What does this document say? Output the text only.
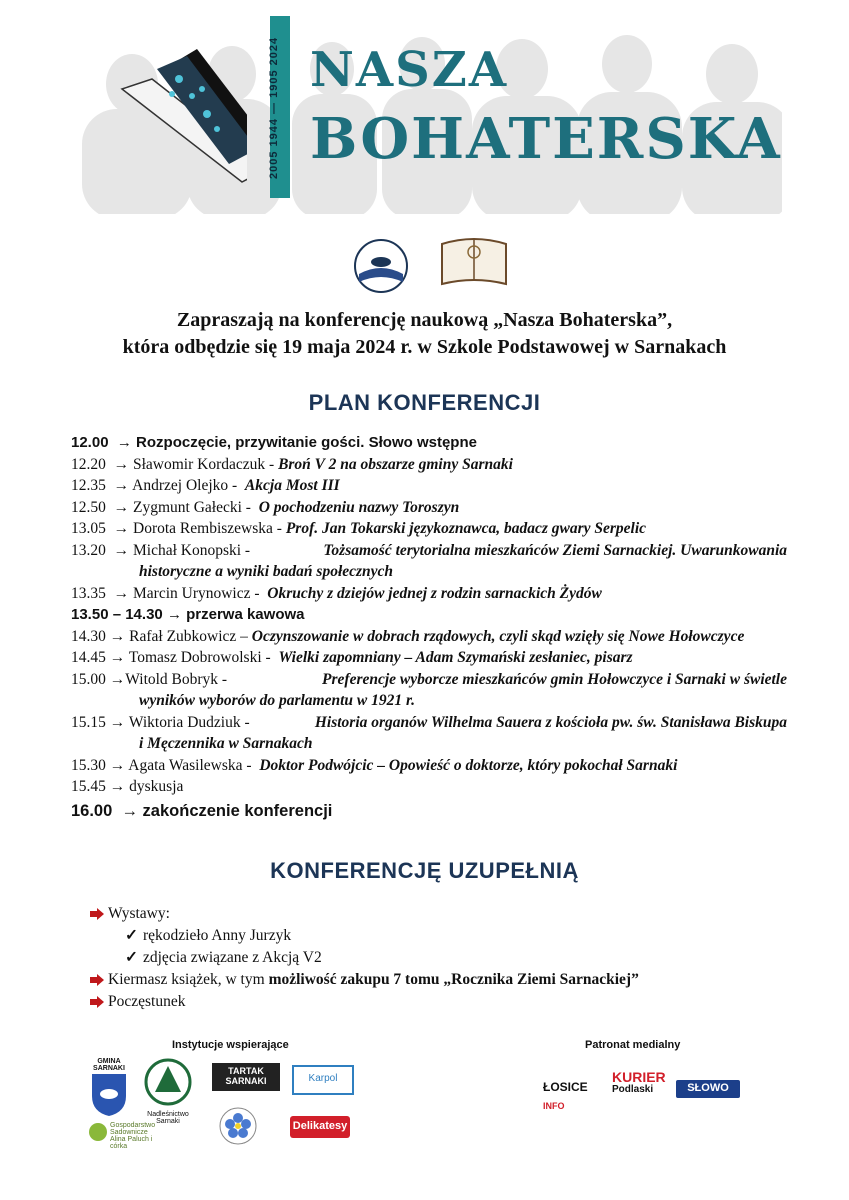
2005 1944 — 1905 2024 NASZA
BOHATERSKA
Zapraszają na konferencję naukową „Nasza Bohaterska”,
która odbędzie się 19 maja 2024 r. w Szkole Podstawowej w Sarnakach
PLAN KONFERENCJI
12.00 → Rozpoczęcie, przywitanie gości. Słowo wstępne
12.20 → Sławomir Kordaczuk - Broń V 2 na obszarze gminy Sarnaki
12.35 → Andrzej Olejko - Akcja Most III
12.50 → Zygmunt Gałecki - O pochodzeniu nazwy Toroszyn
13.05 → Dorota Rembiszewska - Prof. Jan Tokarski językoznawca, badacz gwary Serpelic
13.20 → Michał Konopski -	Tożsamość terytorialna mieszkańców Ziemi Sarnackiej. Uwarunkowania
historyczne a wyniki badań społecznych
13.35 → Marcin Urynowicz - Okruchy z dziejów jednej z rodzin sarnackich Żydów
13.50 – 14.30 → przerwa kawowa
14.30 → Rafał Zubkowicz – Oczynszowanie w dobrach rządowych, czyli skąd wzięły się Nowe Hołowczyce
14.45 → Tomasz Dobrowolski - Wielki zapomniany – Adam Szymański zesłaniec, pisarz
15.00 →Witold Bobryk -	Preferencje wyborcze mieszkańców gmin Hołowczyce i Sarnaki w świetle
wyników wyborów do parlamentu w 1921 r.
15.15 → Wiktoria Dudziuk -	Historia organów Wilhelma Sauera z kościoła pw. św. Stanisława Biskupa
i Męczennika w Sarnakach
15.30 → Agata Wasilewska - Doktor Podwójcic – Opowieść o doktorze, który pokochał Sarnaki
15.45 → dyskusja
16.00 → zakończenie konferencji
KONFERENCJĘ UZUPEŁNIĄ
Wystawy:
✓ rękodzieło Anny Jurzyk
✓ zdjęcia związane z Akcją V2
Kiermasz książek, w tym możliwość zakupu 7 tomu „Rocznika Ziemi Sarnackiej”
Poczęstunek
Instytucje wspierające	Patronat medialny
GMINA SARNAKI
Nadleśnictwo Sarnaki
TARTAK SARNAKI	Karpol
Gospodarstwo Sadownicze Alina Paluch i córka
Delikatesy
ŁOSICE INFO
KURIER
Podlaski	SŁOWO
